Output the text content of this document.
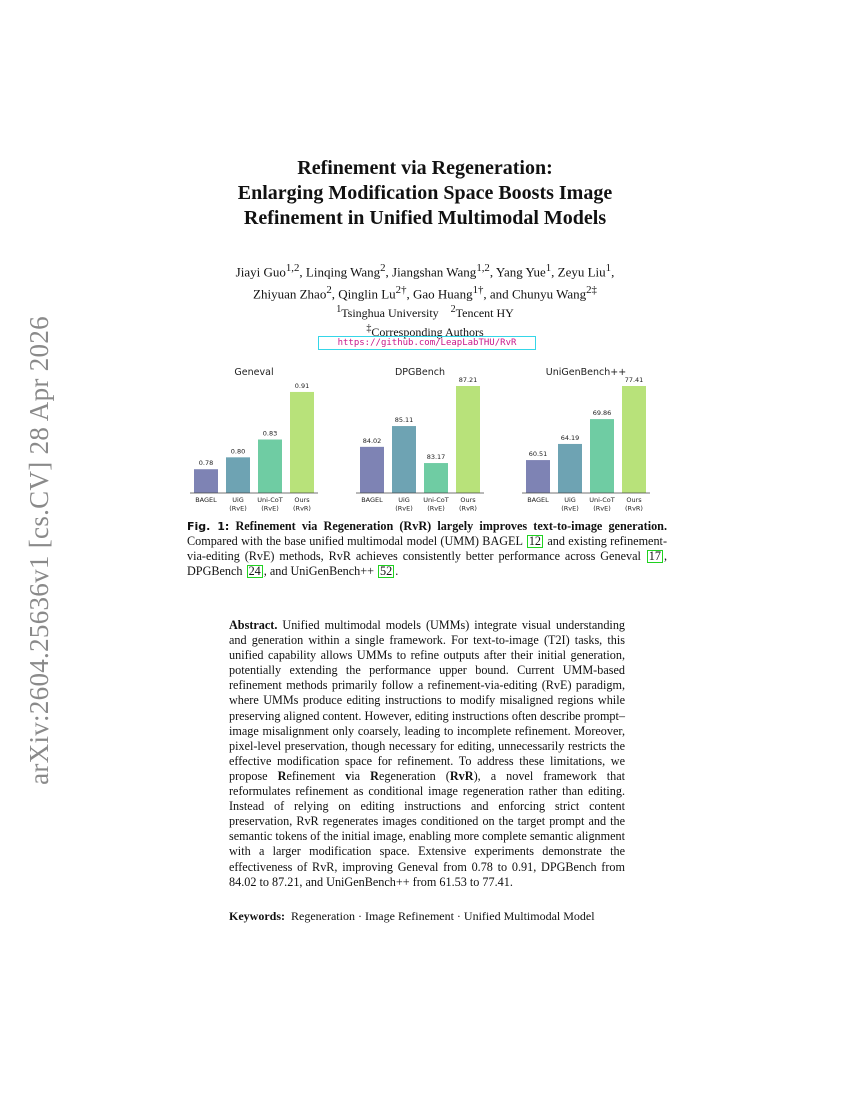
arXiv:2604.25636v1 [cs.CV] 28 Apr 2026
Refinement via Regeneration:
Enlarging Modification Space Boosts Image
Refinement in Unified Multimodal Models
Jiayi Guo$^{1,2}$, Linqing Wang$^2$, Jiangshan Wang$^{1,2}$, Yang Yue$^1$, Zeyu Liu$^1$,
Zhiyuan Zhao$^2$, Qinglin $Lu^{2\dagger}$, Gao Huang$^{1\dagger}$, and Chunyu Wang$^{2\ddagger}$
$^1$Tsinghua University $^2$Tencent HY
‡Corresponding Authors
https://github.com/LeapLabTHU/RvR
Geneval
0.78
BAGEL
0.80
UiG (RvE)
0.83
Uni-CoT (RvE)
0.91
Ours (RvR)
DPGBench
84.02
BAGEL
85.11
UiG (RvE)
83.17
Uni-CoT (RvE)
87.21
Ours (RvR)
UniGenBench++
60.51
BAGEL
64.19
UiG (RvE)
69.86
Uni-CoT (RvE)
77.41
Ours (RvR)
Fig. 1: Refinement via Regeneration (RvR) largely improves text-to-image generation. Compared with the base unified multimodal model (UMM) BAGEL 12 and existing refinement-via-editing (RvE) methods, RvR achieves consistently better performance across Geneval 17 , DPGBench 24 , and UniGenBench++ 52 .
Abstract. Unified multimodal models (UMMs) integrate visual understanding and generation within a single framework. For text-to-image (T2I) tasks, this unified capability allows UMMs to refine outputs after their initial generation, potentially extending the performance upper bound. Current UMM-based refinement methods primarily follow a refinement-via-editing (RvE) paradigm, where UMMs produce editing instructions to modify misaligned regions while preserving aligned content. However, editing instructions often describe prompt–image misalignment only coarsely, leading to incomplete refinement. Moreover, pixel-level preservation, though necessary for editing, unnecessarily restricts the effective modification space for refinement. To address these limitations, we propose Refinement via Regeneration (RvR), a novel framework that reformulates refinement as conditional image regeneration rather than editing. Instead of relying on editing instructions and enforcing strict content preservation, RvR regenerates images conditioned on the target prompt and the semantic tokens of the initial image, enabling more complete semantic alignment with a larger modification space. Extensive experiments demonstrate the effectiveness of RvR, improving Geneval from 0.78 to 0.91, DPGBench from 84.02 to 87.21, and UniGenBench++ from 61.53 to 77.41.
Keywords: Regeneration · Image Refinement · Unified Multimodal Model
